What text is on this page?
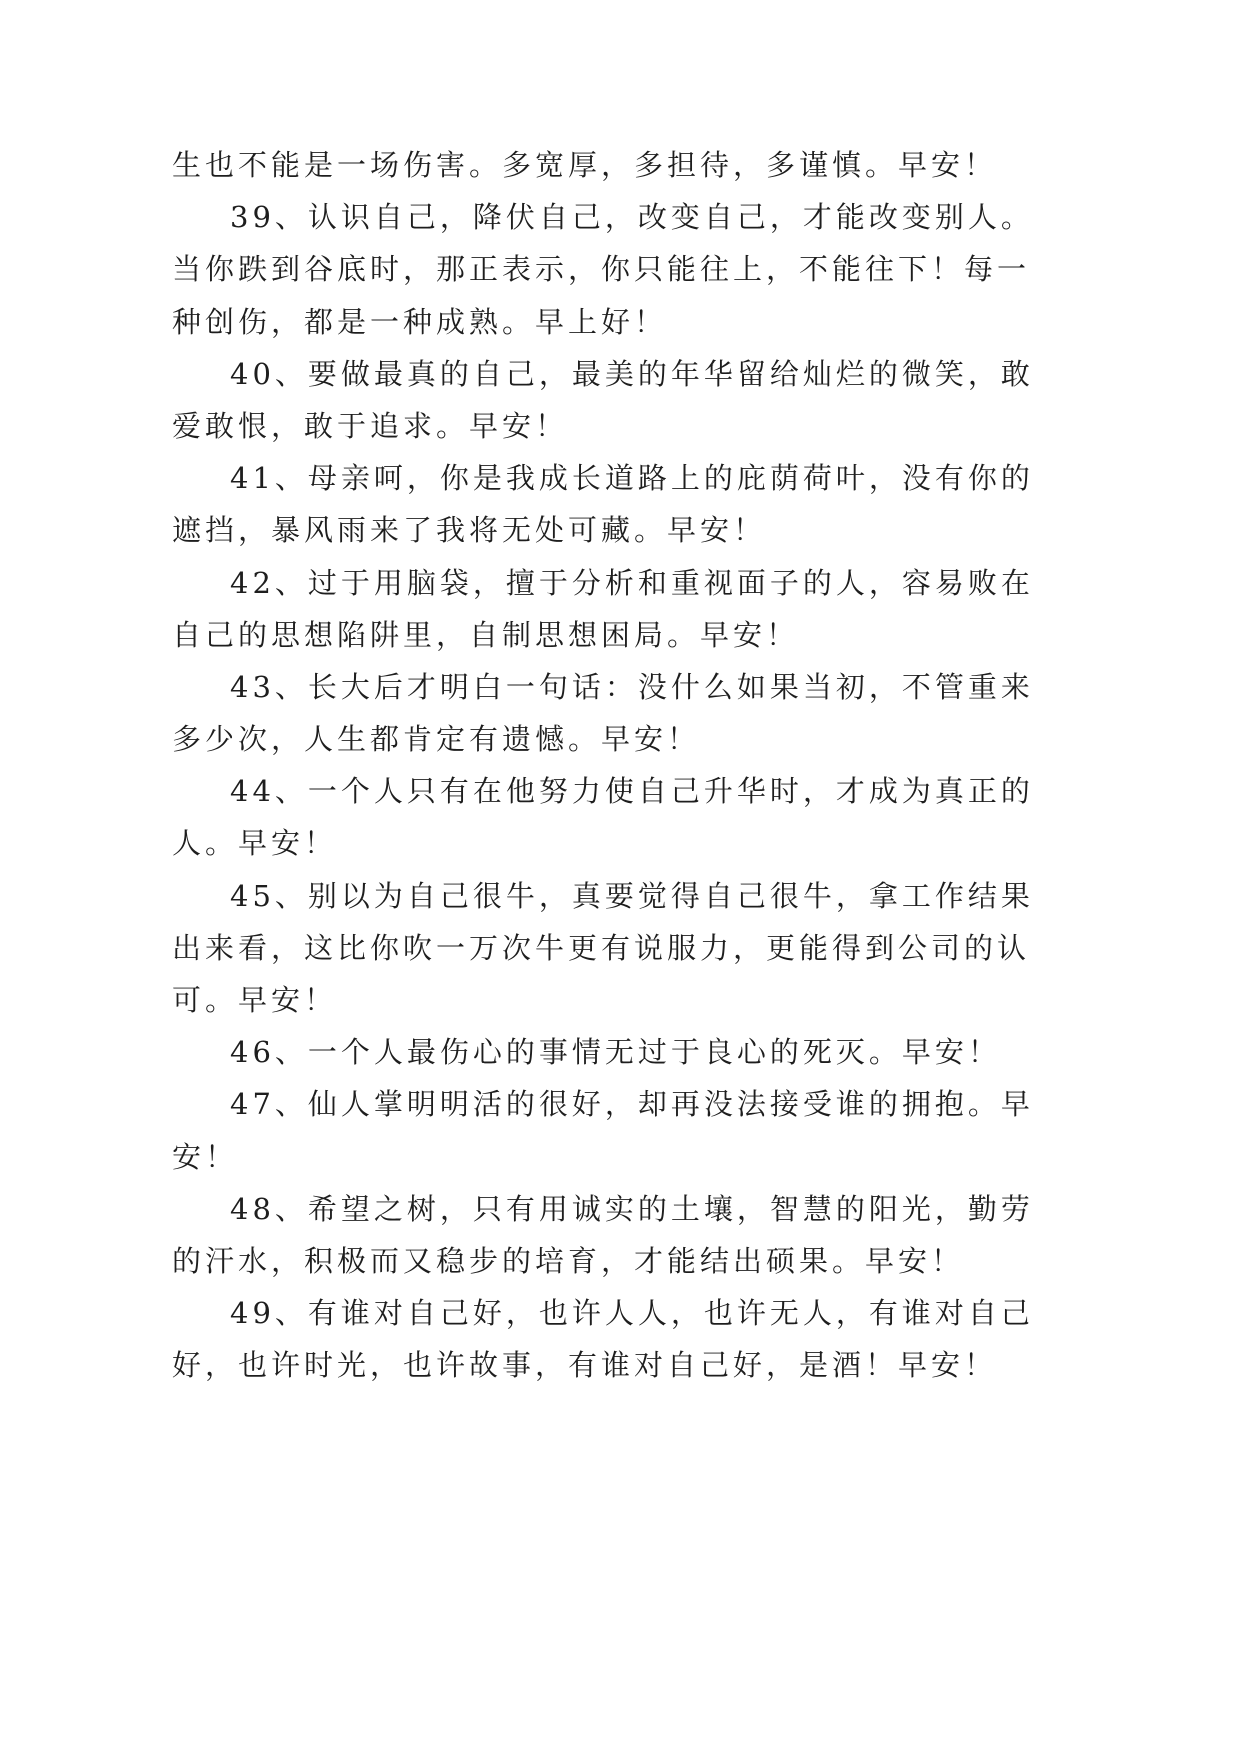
生也不能是一场伤害。多宽厚，多担待，多谨慎。早安！
39、认识自己，降伏自己，改变自己，才能改变别人。
当你跌到谷底时，那正表示，你只能往上，不能往下！每一
种创伤，都是一种成熟。早上好！
40、要做最真的自己，最美的年华留给灿烂的微笑，敢
爱敢恨，敢于追求。早安！
41、母亲呵，你是我成长道路上的庇荫荷叶，没有你的
遮挡，暴风雨来了我将无处可藏。早安！
42、过于用脑袋，擅于分析和重视面子的人，容易败在
自己的思想陷阱里，自制思想困局。早安！
43、长大后才明白一句话：没什么如果当初，不管重来
多少次，人生都肯定有遗憾。早安！
44、一个人只有在他努力使自己升华时，才成为真正的
人。早安！
45、别以为自己很牛，真要觉得自己很牛，拿工作结果
出来看，这比你吹一万次牛更有说服力，更能得到公司的认
可。早安！
46、一个人最伤心的事情无过于良心的死灭。早安！
47、仙人掌明明活的很好，却再没法接受谁的拥抱。早
安！
48、希望之树，只有用诚实的土壤，智慧的阳光，勤劳
的汗水，积极而又稳步的培育，才能结出硕果。早安！
49、有谁对自己好，也许人人，也许无人，有谁对自己
好，也许时光，也许故事，有谁对自己好，是酒！早安！
